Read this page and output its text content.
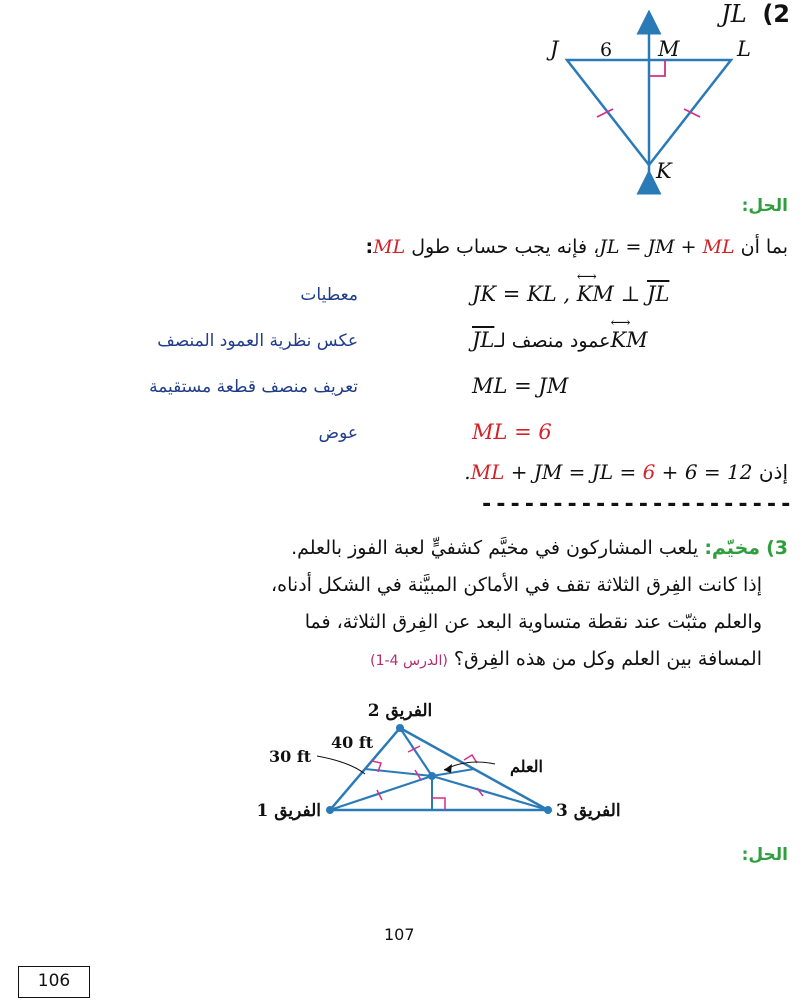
JL (2
J 6 M	L
K
الحل:
بما أن JL = JM + ML، فإنه يجب حساب طول ML:
JK = KL ,
⟷
KM ⊥ $\overline{JL}$
معطيات
$\overline{JL}عمود$ منصف لـ
⟷
KM
عكس نظرية العمود المنصف
ML = JM
تعريف منصف قطعة مستقيمة
ML = 6
عوض
إذن 12 = 6 + 6 = ML + JM = JL.
----------------------
3) مخيّم: يلعب المشاركون في مخيَّم كشفيٍّ لعبة الفوز بالعلم.
إذا كانت الفِرق الثلاثة تقف في الأماكن المبيَّنة في الشكل أدناه،
والعلم مثبّت عند نقطة متساوية البعد عن الفِرق الثلاثة، فما
المسافة بين العلم وكل من هذه الفِرق؟ (الدرس 4-1)
الفريق 2
الفريق 1	الفريق 3
العلم
40 ft
30 ft
الحل:
107
106
